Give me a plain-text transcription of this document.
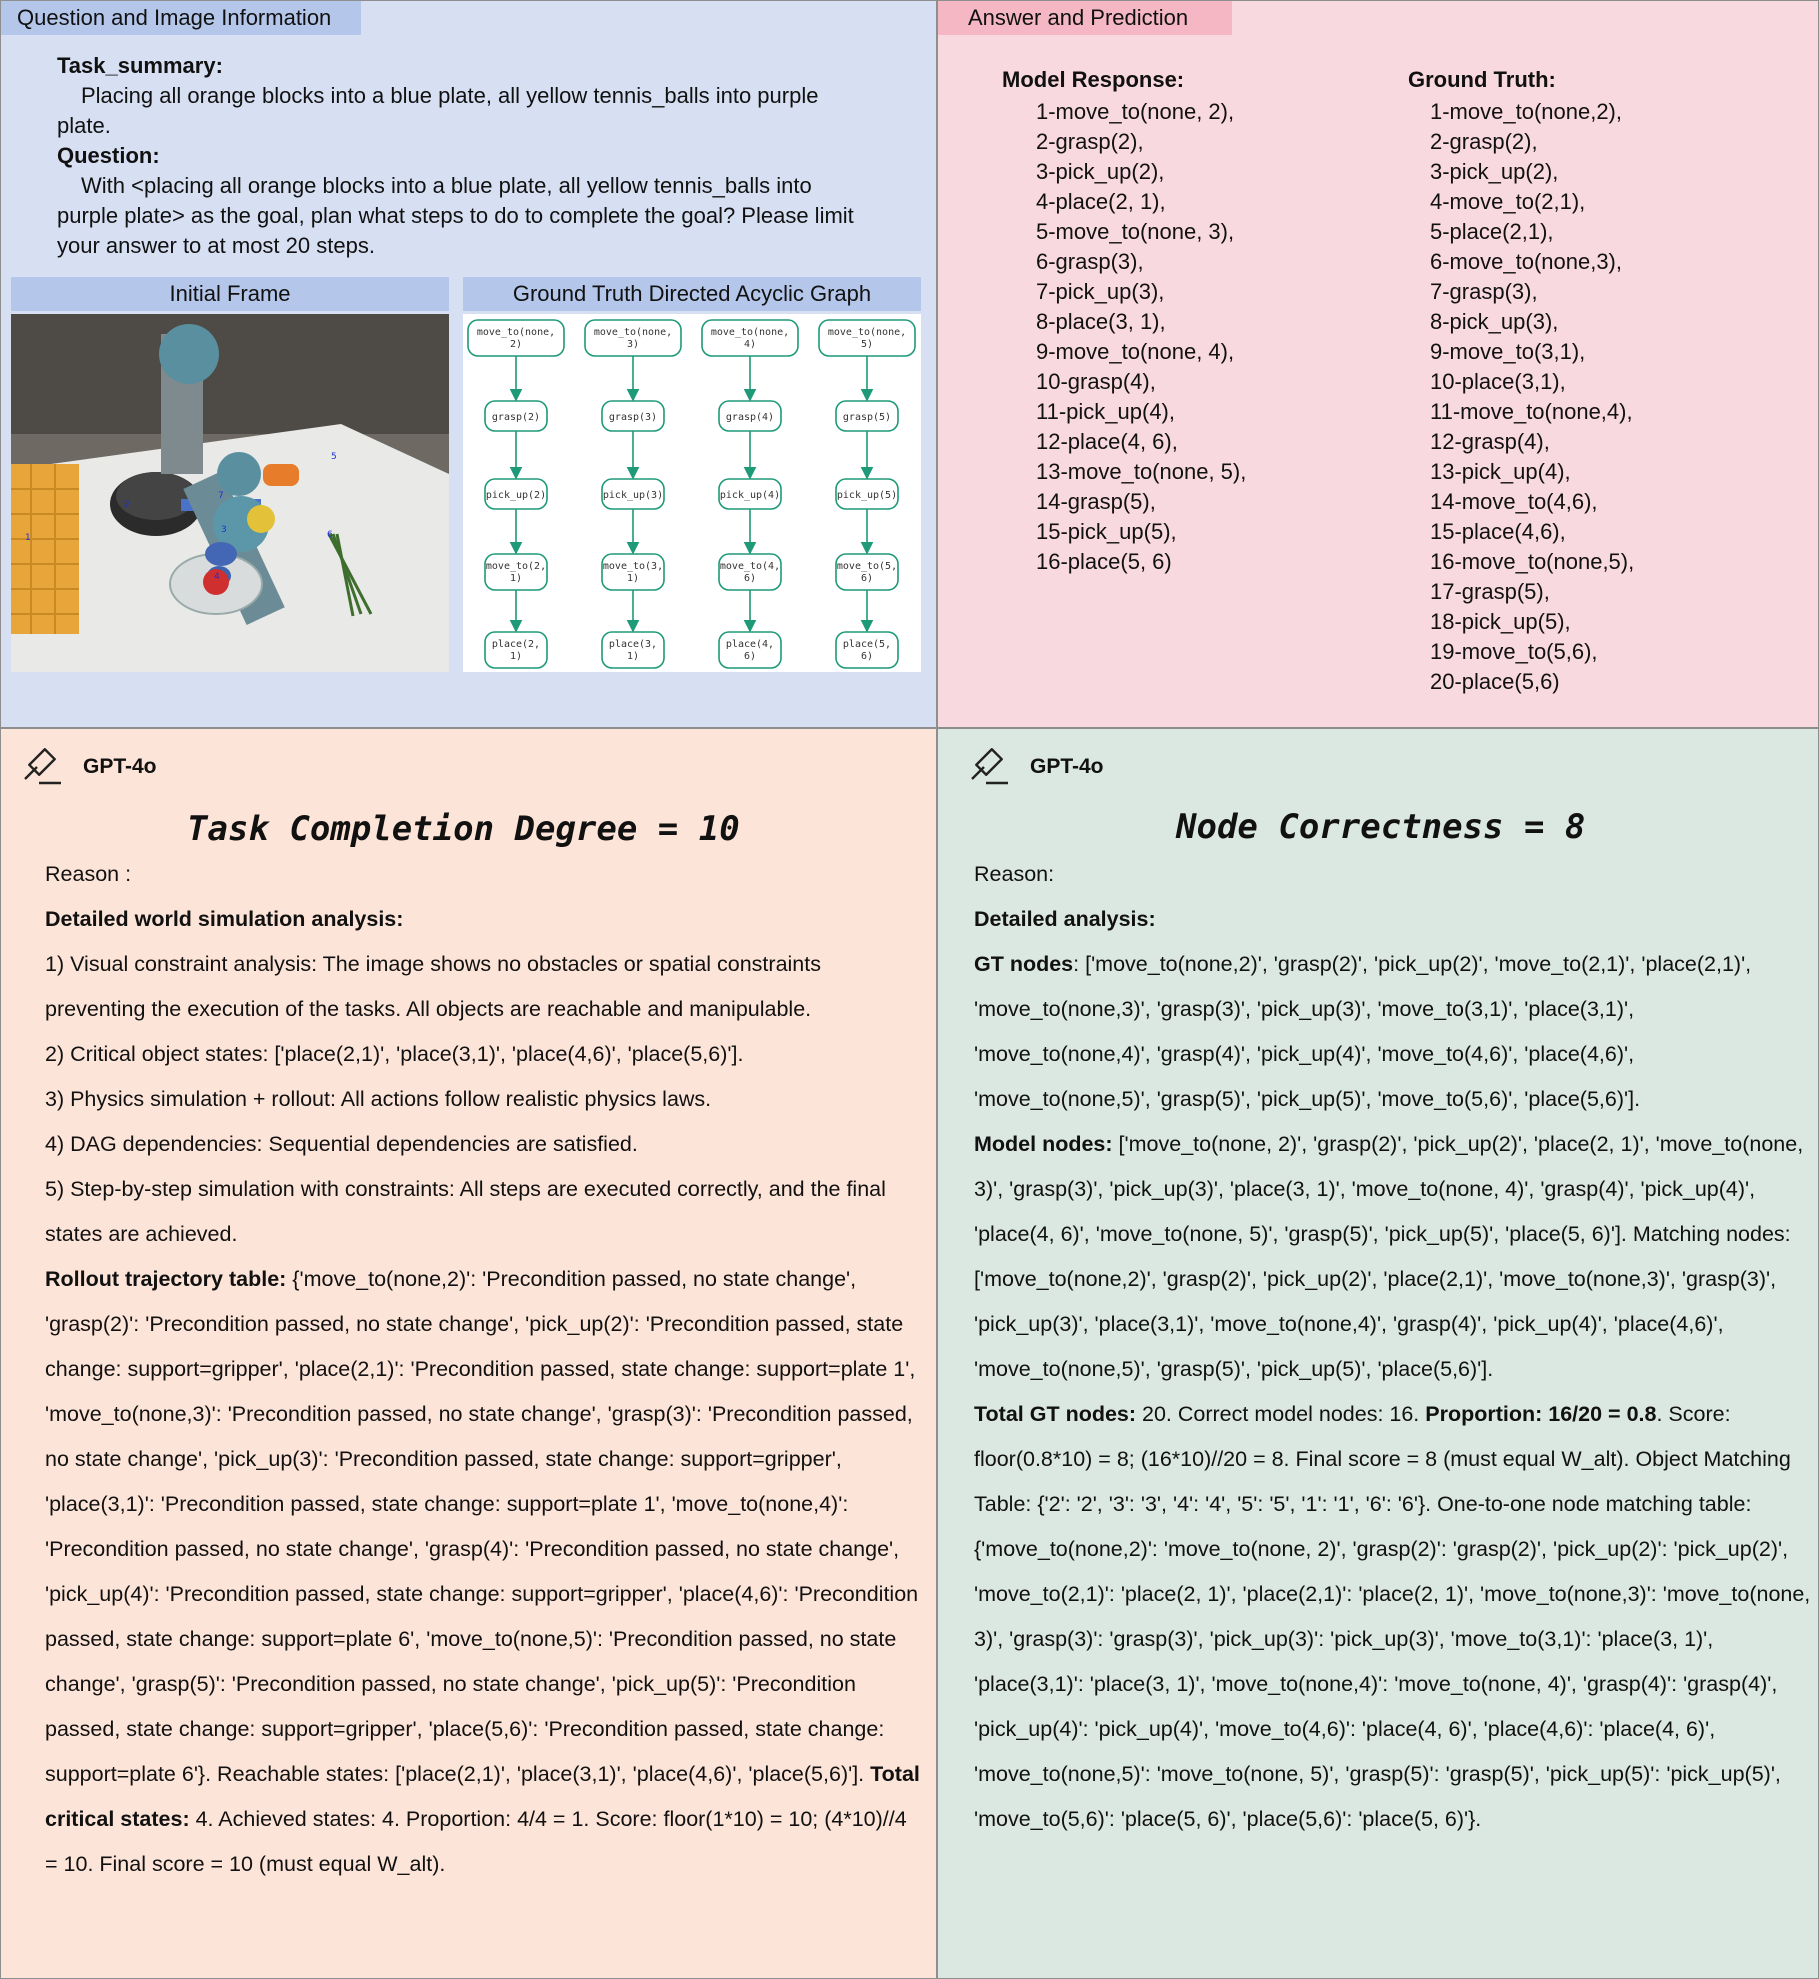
Question and Image Information
Task_summary:
Placing all orange blocks into a blue plate, all yellow tennis_balls into purple plate.
Question:
With <placing all orange blocks into a blue plate, all yellow tennis_balls into purple plate> as the goal, plan what steps to do to complete the goal? Please limit your answer to at most 20 steps.
Initial Frame	Ground Truth Directed Acyclic Graph
1
2
3
4
5
6
7
move_to(none, 2)
grasp(2)
pick_up(2)
move_to(2, 1)
place(2, 1)
move_to(none, 3)
grasp(3)
pick_up(3)
move_to(3, 1)
place(3, 1)
move_to(none, 4)
grasp(4)
pick_up(4)
move_to(4, 6)
place(4, 6)
move_to(none, 5)
grasp(5)
pick_up(5)
move_to(5, 6)
place(5, 6)
Answer and Prediction
Model Response:
1-move_to(none, 2),
2-grasp(2),
3-pick_up(2),
4-place(2, 1),
5-move_to(none, 3),
6-grasp(3),
7-pick_up(3),
8-place(3, 1),
9-move_to(none, 4),
10-grasp(4),
11-pick_up(4),
12-place(4, 6),
13-move_to(none, 5),
14-grasp(5),
15-pick_up(5),
16-place(5, 6)
Ground Truth:
1-move_to(none,2),
2-grasp(2),
3-pick_up(2),
4-move_to(2,1),
5-place(2,1),
6-move_to(none,3),
7-grasp(3),
8-pick_up(3),
9-move_to(3,1),
10-place(3,1),
11-move_to(none,4),
12-grasp(4),
13-pick_up(4),
14-move_to(4,6),
15-place(4,6),
16-move_to(none,5),
17-grasp(5),
18-pick_up(5),
19-move_to(5,6),
20-place(5,6)
GPT-4o
Task Completion Degree = 10

Reason :

Detailed world simulation analysis:

1) Visual constraint analysis: The image shows no obstacles or spatial constraints preventing the execution of the tasks. All objects are reachable and manipulable.

2) Critical object states: ['place(2,1)', 'place(3,1)', 'place(4,6)', 'place(5,6)'].

3) Physics simulation + rollout: All actions follow realistic physics laws.

4) DAG dependencies: Sequential dependencies are satisfied.

5) Step-by-step simulation with constraints: All steps are executed correctly, and the final states are achieved.

Rollout trajectory table: {'move_to(none,2)': 'Precondition passed, no state change', 'grasp(2)': 'Precondition passed, no state change', 'pick_up(2)': 'Precondition passed, state change: support=gripper', 'place(2,1)': 'Precondition passed, state change: support=plate 1', 'move_to(none,3)': 'Precondition passed, no state change', 'grasp(3)': 'Precondition passed, no state change', 'pick_up(3)': 'Precondition passed, state change: support=gripper', 'place(3,1)': 'Precondition passed, state change: support=plate 1', 'move_to(none,4)': 'Precondition passed, no state change', 'grasp(4)': 'Precondition passed, no state change', 'pick_up(4)': 'Precondition passed, state change: support=gripper', 'place(4,6)': 'Precondition passed, state change: support=plate 6', 'move_to(none,5)': 'Precondition passed, no state change', 'grasp(5)': 'Precondition passed, no state change', 'pick_up(5)': 'Precondition passed, state change: support=gripper', 'place(5,6)': 'Precondition passed, state change: support=plate 6'}. Reachable states: ['place(2,1)', 'place(3,1)', 'place(4,6)', 'place(5,6)']. Total critical states: 4. Achieved states: 4. Proportion: 4/4 = 1. Score: floor(1*10) = 10; (4*10)//4 = 10. Final score = 10 (must equal W_alt).

GPT-4o
Node Correctness = 8

Reason:

Detailed analysis:

GT nodes: ['move_to(none,2)', 'grasp(2)', 'pick_up(2)', 'move_to(2,1)', 'place(2,1)', 'move_to(none,3)', 'grasp(3)', 'pick_up(3)', 'move_to(3,1)', 'place(3,1)', 'move_to(none,4)', 'grasp(4)', 'pick_up(4)', 'move_to(4,6)', 'place(4,6)', 'move_to(none,5)', 'grasp(5)', 'pick_up(5)', 'move_to(5,6)', 'place(5,6)'].

Model nodes: ['move_to(none, 2)', 'grasp(2)', 'pick_up(2)', 'place(2, 1)', 'move_to(none, 3)', 'grasp(3)', 'pick_up(3)', 'place(3, 1)', 'move_to(none, 4)', 'grasp(4)', 'pick_up(4)', 'place(4, 6)', 'move_to(none, 5)', 'grasp(5)', 'pick_up(5)', 'place(5, 6)']. Matching nodes: ['move_to(none,2)', 'grasp(2)', 'pick_up(2)', 'place(2,1)', 'move_to(none,3)', 'grasp(3)', 'pick_up(3)', 'place(3,1)', 'move_to(none,4)', 'grasp(4)', 'pick_up(4)', 'place(4,6)', 'move_to(none,5)', 'grasp(5)', 'pick_up(5)', 'place(5,6)'].

Total GT nodes: 20. Correct model nodes: 16. Proportion: 16/20 = 0.8. Score: floor(0.8*10) = 8; (16*10)//20 = 8. Final score = 8 (must equal W_alt). Object Matching Table: {'2': '2', '3': '3', '4': '4', '5': '5', '1': '1', '6': '6'}. One-to-one node matching table: {'move_to(none,2)': 'move_to(none, 2)', 'grasp(2)': 'grasp(2)', 'pick_up(2)': 'pick_up(2)', 'move_to(2,1)': 'place(2, 1)', 'place(2,1)': 'place(2, 1)', 'move_to(none,3)': 'move_to(none, 3)', 'grasp(3)': 'grasp(3)', 'pick_up(3)': 'pick_up(3)', 'move_to(3,1)': 'place(3, 1)', 'place(3,1)': 'place(3, 1)', 'move_to(none,4)': 'move_to(none, 4)', 'grasp(4)': 'grasp(4)', 'pick_up(4)': 'pick_up(4)', 'move_to(4,6)': 'place(4, 6)', 'place(4,6)': 'place(4, 6)', 'move_to(none,5)': 'move_to(none, 5)', 'grasp(5)': 'grasp(5)', 'pick_up(5)': 'pick_up(5)', 'move_to(5,6)': 'place(5, 6)', 'place(5,6)': 'place(5, 6)'}.
